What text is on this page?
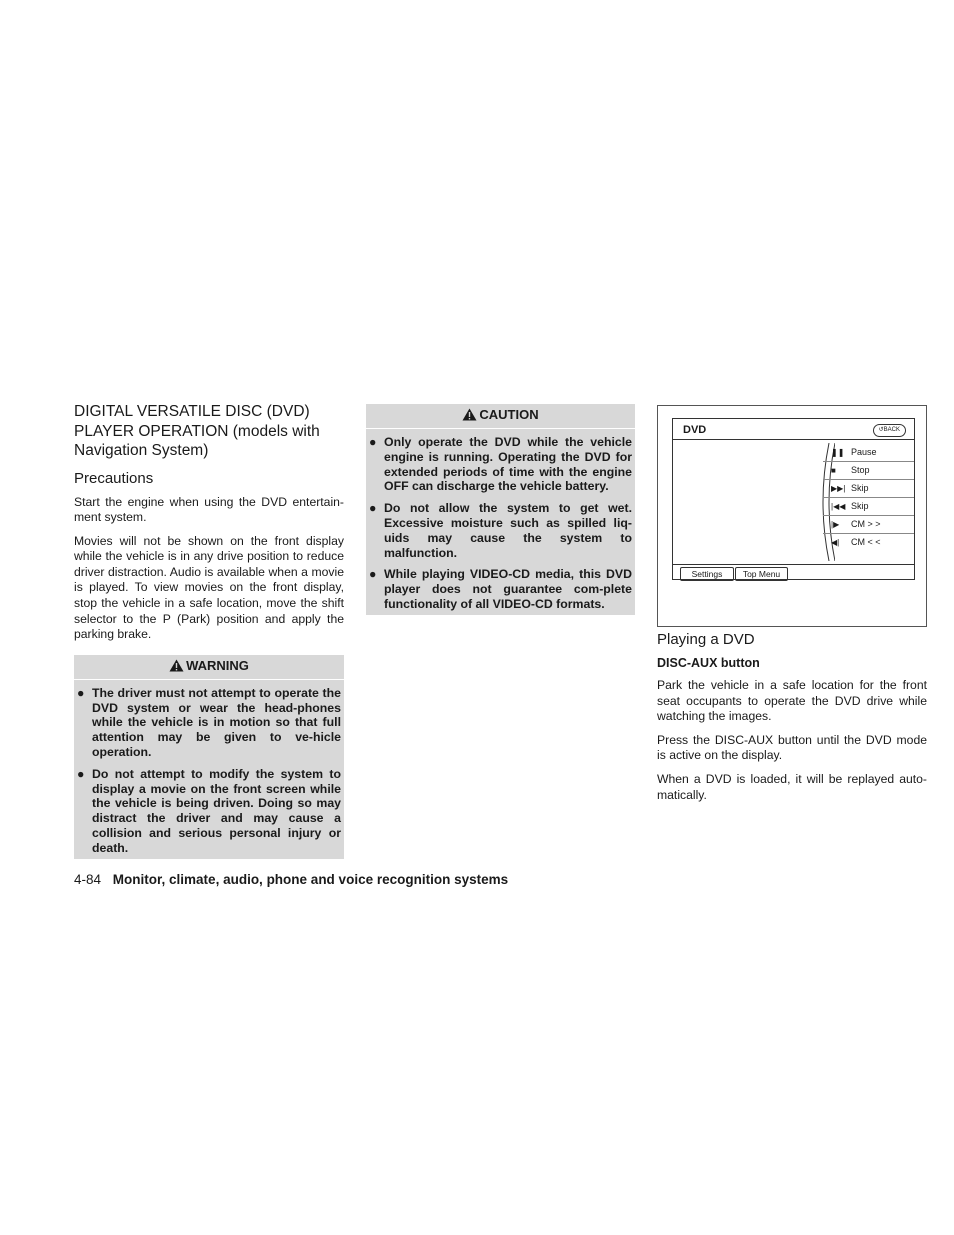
DIGITAL VERSATILE DISC (DVD) PLAYER OPERATION (models with Navigation System)
Precautions

Start the engine when using the DVD entertain-ment system.

Movies will not be shown on the front display while the vehicle is in any drive position to reduce driver distraction. Audio is available when a movie is played. To view movies on the front display, stop the vehicle in a safe location, move the shift selector to the P (Park) position and apply the parking brake.

WARNING
● The driver must not attempt to operate the DVD system or wear the head-phones while the vehicle is in motion so that full attention may be given to ve-hicle operation.
● Do not attempt to modify the system to display a movie on the front screen while the vehicle is being driven. Doing so may distract the driver and may cause a collision and serious personal injury or death.
CAUTION
● Only operate the DVD while the vehicle engine is running. Operating the DVD for extended periods of time with the engine OFF can discharge the vehicle battery.
● Do not allow the system to get wet. Excessive moisture such as spilled liq-uids may cause the system to malfunction.
● While playing VIDEO-CD media, this DVD player does not guarantee com-plete functionality of all VIDEO-CD formats.
DVD	↺BACK
❚❚ Pause
■	Stop
▶▶| Skip
|◀◀ Skip
|▶	CM > >
◀|	CM < <
Settings	Top Menu
Playing a DVD
DISC-AUX button

Park the vehicle in a safe location for the front seat occupants to operate the DVD drive while watching the images.

Press the DISC-AUX button until the DVD mode is active on the display.

When a DVD is loaded, it will be replayed auto-matically.

4-84 Monitor, climate, audio, phone and voice recognition systems
